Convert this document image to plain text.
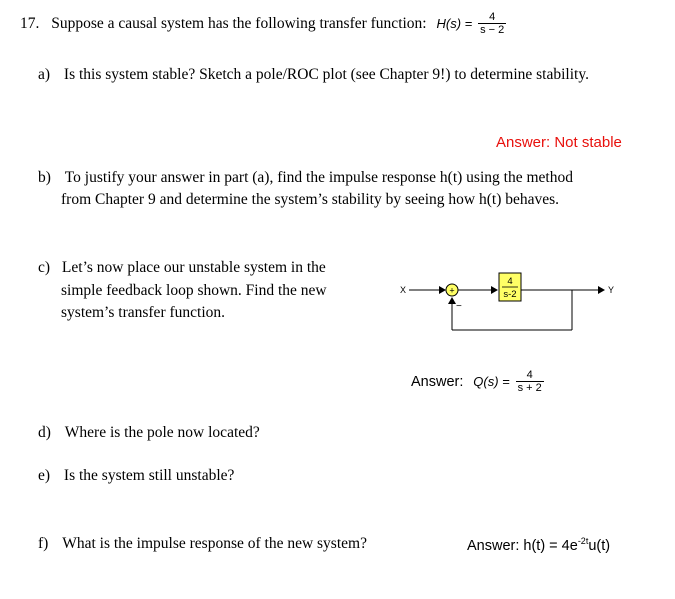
17. Suppose a causal system has the following transfer function: $H(s) = \frac{4}{s - 2}$
a) Is this system stable? Sketch a pole/ROC plot (see Chapter 9!) to determine stability.
Answer: Not stable
b) To justify your answer in part (a), find the impulse response h(t) using the method
from Chapter 9 and determine the system’s stability by seeing how h(t) behaves.
c) Let’s now place our unstable system in the
simple feedback loop shown. Find the new
system’s transfer function.
X	+
4
s-2	Y
−
Answer: $Q(s) = \frac{4}{s + 2}$
d) Where is the pole now located?
e) Is the system still unstable?
f) What is the impulse response of the new system?	Answer: $h(t) = 4e^{-2t}u(t)$
